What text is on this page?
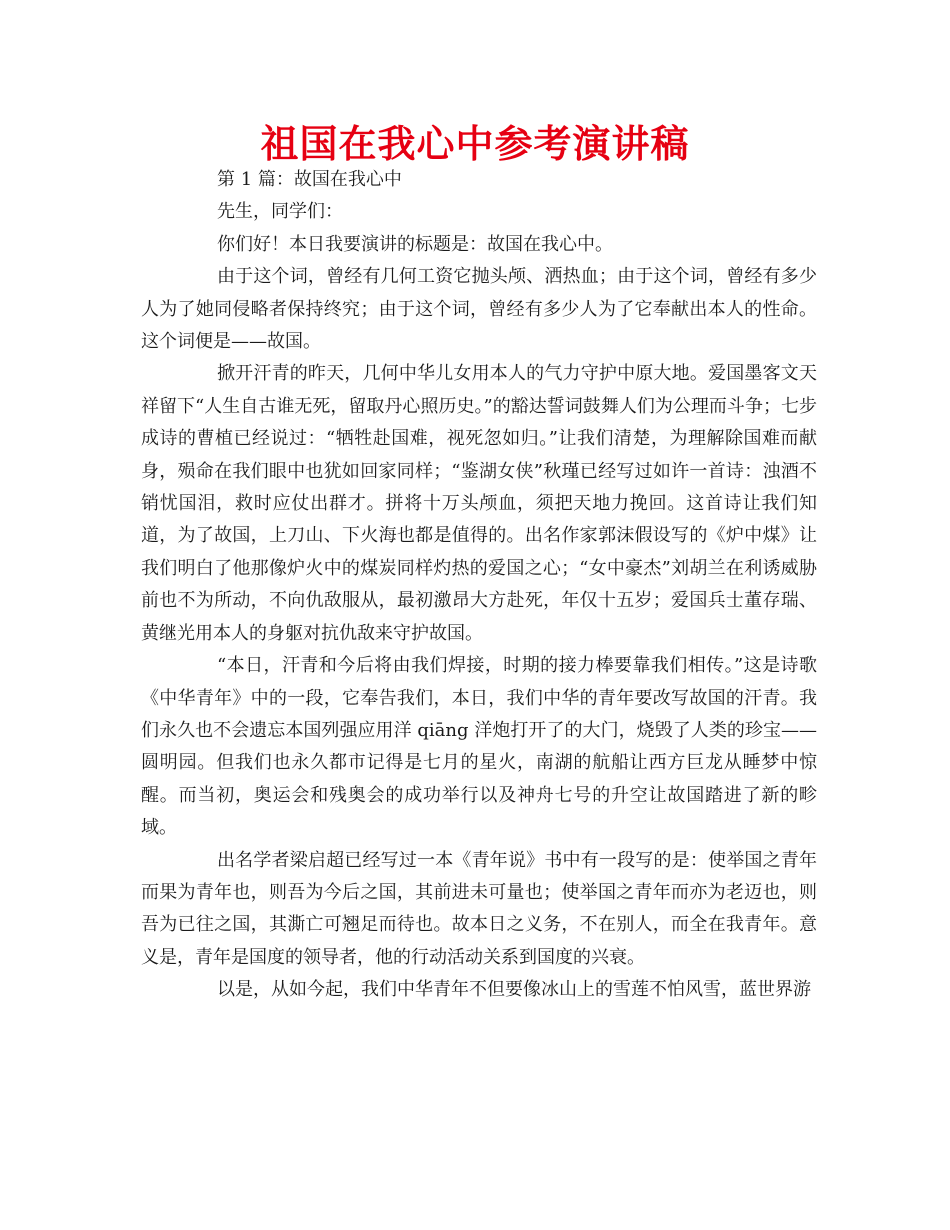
祖国在我心中参考演讲稿

第 1 篇：故国在我心中

先生，同学们：

你们好！本日我要演讲的标题是：故国在我心中。

由于这个词，曾经有几何工资它抛头颅、洒热血；由于这个词，曾经有多少人为了她同侵略者保持终究；由于这个词，曾经有多少人为了它奉献出本人的性命。这个词便是——故国。

掀开汗青的昨天，几何中华儿女用本人的气力守护中原大地。爱国墨客文天祥留下“人生自古谁无死，留取丹心照历史。”的豁达誓词鼓舞人们为公理而斗争；七步成诗的曹植已经说过：“牺牲赴国难，视死忽如归。”让我们清楚，为理解除国难而献身，殒命在我们眼中也犹如回家同样；“鉴湖女侠”秋瑾已经写过如许一首诗：浊酒不销忧国泪，救时应仗出群才。拼将十万头颅血，须把天地力挽回。这首诗让我们知道，为了故国，上刀山、下火海也都是值得的。出名作家郭沫假设写的《炉中煤》让我们明白了他那像炉火中的煤炭同样灼热的爱国之心；“女中豪杰”刘胡兰在利诱威胁前也不为所动，不向仇敌服从，最初激昂大方赴死，年仅十五岁；爱国兵士董存瑞、黄继光用本人的身躯对抗仇敌来守护故国。

“本日，汗青和今后将由我们焊接，时期的接力棒要靠我们相传。”这是诗歌《中华青年》中的一段，它奉告我们，本日，我们中华的青年要改写故国的汗青。我们永久也不会遗忘本国列强应用洋 qiāng 洋炮打开了的大门，烧毁了人类的珍宝——圆明园。但我们也永久都市记得是七月的星火，南湖的航船让西方巨龙从睡梦中惊醒。而当初，奥运会和残奥会的成功举行以及神舟七号的升空让故国踏进了新的畛域。

出名学者梁启超已经写过一本《青年说》书中有一段写的是：使举国之青年而果为青年也，则吾为今后之国，其前进未可量也；使举国之青年而亦为老迈也，则吾为已往之国，其澌亡可翘足而待也。故本日之义务，不在别人，而全在我青年。意义是，青年是国度的领导者，他的行动活动关系到国度的兴衰。

以是，从如今起，我们中华青年不但要像冰山上的雪莲不怕风雪，蓝世界游
